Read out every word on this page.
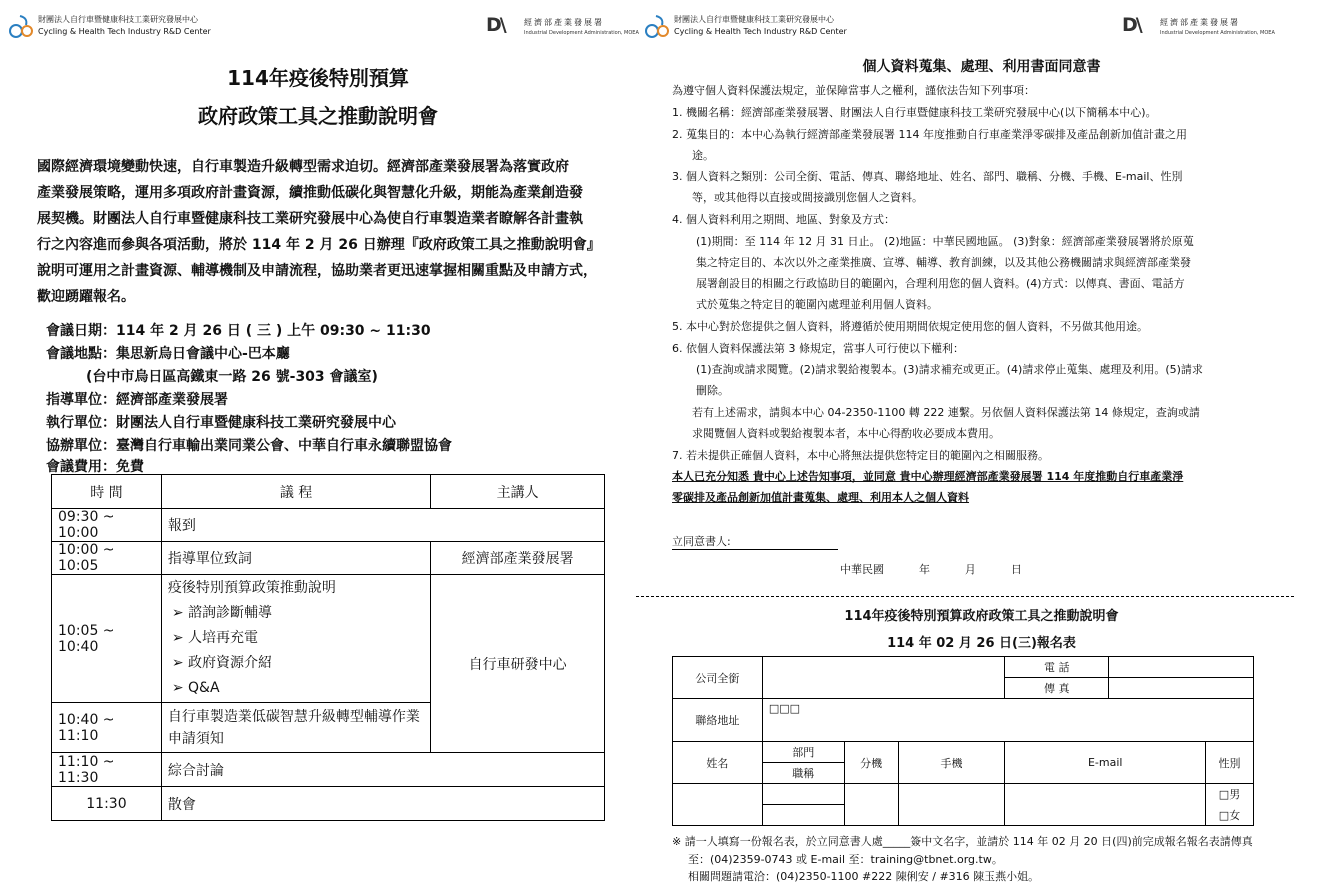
財團法人自行車暨健康科技工業研究發展中心
Cycling & Health Tech Industry R&D Center	D\ 經濟部產業發展署
Industrial Development Administration, MOEA
114年疫後特別預算
政府政策工具之推動說明會
國際經濟環境變動快速，自行車製造升級轉型需求迫切。經濟部產業發展署為落實政府
產業發展策略，運用多項政府計畫資源，續推動低碳化與智慧化升級，期能為產業創造發
展契機。財團法人自行車暨健康科技工業研究發展中心為使自行車製造業者瞭解各計畫執
行之內容進而參與各項活動，將於 114 年 2 月 26 日辦理『政府政策工具之推動說明會』
說明可運用之計畫資源、輔導機制及申請流程，協助業者更迅速掌握相關重點及申請方式，
歡迎踴躍報名。
會議日期：114 年 2 月 26 日 ( 三 ) 上午 09:30 ~ 11:30
會議地點：集思新烏日會議中心-巴本廳
(台中市烏日區高鐵東一路 26 號-303 會議室)
指導單位：經濟部產業發展署
執行單位：財團法人自行車暨健康科技工業研究發展中心
協辦單位：臺灣自行車輸出業同業公會、中華自行車永續聯盟協會
會議費用：免費
時 間	議 程	主講人
09:30 ~ 10:00	報到	
10:00 ~ 10:05	指導單位致詞	經濟部產業發展署
10:05 ~ 10:40	疫後特別預算政策推動說明
➢ 諮詢診斷輔導
➢ 人培再充電
➢ 政府資源介紹
➢ Q&A	自行車研發中心
10:40 ~ 11:10	自行車製造業低碳智慧升級轉型輔導作業
申請須知	

11:10 ~ 11:30	綜合討論	
11:30	散會	
財團法人自行車暨健康科技工業研究發展中心
Cycling & Health Tech Industry R&D Center	D\ 經濟部產業發展署
Industrial Development Administration, MOEA
個人資料蒐集、處理、利用書面同意書
為遵守個人資料保護法規定，並保障當事人之權利，謹依法告知下列事項：
1. 機關名稱：經濟部產業發展署、財團法人自行車暨健康科技工業研究發展中心(以下簡稱本中心)。
2. 蒐集目的：本中心為執行經濟部產業發展署 114 年度推動自行車產業淨零碳排及產品創新加值計畫之用
途。
3. 個人資料之類別：公司全銜、電話、傳真、聯絡地址、姓名、部門、職稱、分機、手機、E-mail、性別
等，或其他得以直接或間接識別您個人之資料。
4. 個人資料利用之期間、地區、對象及方式：
(1)期間：至 114 年 12 月 31 日止。 (2)地區：中華民國地區。 (3)對象：經濟部產業發展署將於原蒐
集之特定目的、本次以外之產業推廣、宣導、輔導、教育訓練，以及其他公務機關請求與經濟部產業發
展署創設目的相關之行政協助目的範圍內，合理利用您的個人資料。(4)方式：以傳真、書面、電話方
式於蒐集之特定目的範圍內處理並利用個人資料。
5. 本中心對於您提供之個人資料，將遵循於使用期間依規定使用您的個人資料，不另做其他用途。
6. 依個人資料保護法第 3 條規定，當事人可行使以下權利：
(1)查詢或請求閱覽。(2)請求製給複製本。(3)請求補充或更正。(4)請求停止蒐集、處理及利用。(5)請求
刪除。
若有上述需求，請與本中心 04-2350-1100 轉 222 連繫。另依個人資料保護法第 14 條規定，查詢或請
求閱覽個人資料或製給複製本者，本中心得酌收必要成本費用。
7. 若未提供正確個人資料，本中心將無法提供您特定目的範圍內之相關服務。
本人已充分知悉 貴中心上述告知事項，並同意 貴中心辦理經濟部產業發展署 114 年度推動自行車產業淨
零碳排及產品創新加值計畫蒐集、處理、利用本人之個人資料
立同意書人:
中華民國          年          月          日
114年疫後特別預算政府政策工具之推動說明會
114 年 02 月 26 日(三)報名表
公司全銜				電 話		
				傳 真		
聯絡地址	□□□					
姓名	部門	分機	手機	E-mail		性別
	職稱					
						□男
						□女
※ 請一人填寫一份報名表，於立同意書人處_____簽中文名字，並請於 114 年 02 月 20 日(四)前完成報名報名表請傳真
至：(04)2359-0743 或 E-mail 至：training@tbnet.org.tw。
相關問題請電洽：(04)2350-1100 #222 陳俐安 / #316 陳玉燕小姐。
